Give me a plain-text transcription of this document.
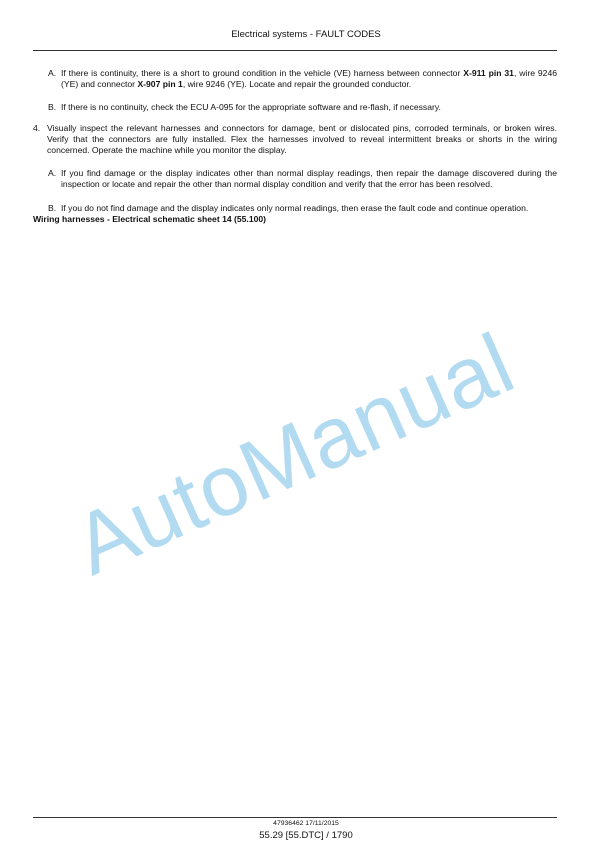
Electrical systems - FAULT CODES
A. If there is continuity, there is a short to ground condition in the vehicle (VE) harness between connector X-911 pin 31, wire 9246 (YE) and connector X-907 pin 1, wire 9246 (YE). Locate and repair the grounded conductor.
B. If there is no continuity, check the ECU A-095 for the appropriate software and re-flash, if necessary.
4. Visually inspect the relevant harnesses and connectors for damage, bent or dislocated pins, corroded terminals, or broken wires. Verify that the connectors are fully installed. Flex the harnesses involved to reveal intermittent breaks or shorts in the wiring concerned. Operate the machine while you monitor the display.
A. If you find damage or the display indicates other than normal display readings, then repair the damage discovered during the inspection or locate and repair the other than normal display condition and verify that the error has been resolved.
B. If you do not find damage and the display indicates only normal readings, then erase the fault code and continue operation.
Wiring harnesses - Electrical schematic sheet 14 (55.100)
AutoManual
47936462 17/11/2015
55.29 [55.DTC] / 1790
